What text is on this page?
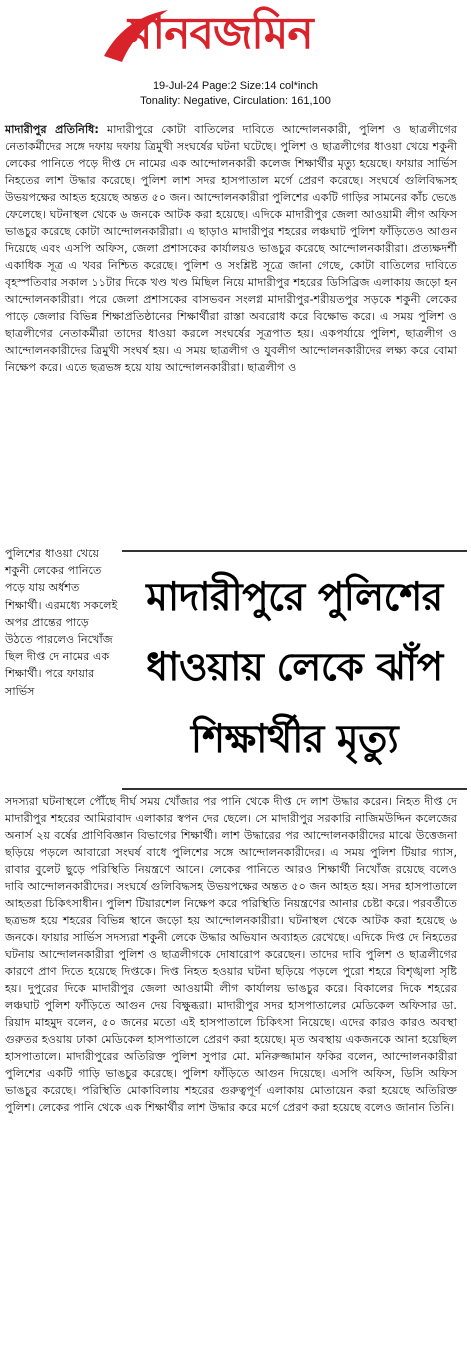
মানবজমিন
19-Jul-24 Page:2 Size:14 col*inch
Tonality: Negative, Circulation: 161,100
মাদারীপুর প্রতিনিধি: মাদারীপুরে কোটা বাতিলের দাবিতে আন্দোলনকারী, পুলিশ ও ছাত্রলীগের নেতাকর্মীদের সঙ্গে দফায় দফায় ত্রিমুখী সংঘর্ষের ঘটনা ঘটেছে। পুলিশ ও ছাত্রলীগের ধাওয়া খেয়ে শকুনী লেকের পানিতে পড়ে দীপ্ত দে নামের এক আন্দোলনকারী কলেজ শিক্ষার্থীর মৃত্যু হয়েছে। ফায়ার সার্ভিস নিহতের লাশ উদ্ধার করেছে। পুলিশ লাশ সদর হাসপাতাল মর্গে প্রেরণ করেছে। সংঘর্ষে গুলিবিদ্ধসহ উভয়পক্ষের আহত হয়েছে অন্তত ৫০ জন। আন্দোলনকারীরা পুলিশের একটি গাড়ির সামনের কাঁচ ভেঙে ফেলেছে। ঘটনাস্থল থেকে ৬ জনকে আটক করা হয়েছে। এদিকে মাদারীপুর জেলা আওয়ামী লীগ অফিস ভাঙচুর করেছে কোটা আন্দোলনকারীরা। এ ছাড়াও মাদারীপুর শহরের লঞ্চঘাট পুলিশ ফাঁড়িতেও আগুন দিয়েছে এবং এসপি অফিস, জেলা প্রশাসকের কার্যালয়ও ভাঙচুর করেছে আন্দোলনকারীরা। প্রত্যক্ষদর্শী একাধিক সূত্র এ খবর নিশ্চিত করেছে। পুলিশ ও সংশ্লিষ্ট সূত্রে জানা গেছে, কোটা বাতিলের দাবিতে বৃহস্পতিবার সকাল ১১টার দিকে খণ্ড খণ্ড মিছিল নিয়ে মাদারীপুর শহরের ডিসিব্রিজ এলাকায় জড়ো হন আন্দোলনকারীরা। পরে জেলা প্রশাসকের বাসভবন সংলগ্ন মাদারীপুর-শরীয়তপুর সড়কে শকুনী লেকের পাড়ে জেলার বিভিন্ন শিক্ষাপ্রতিষ্ঠানের শিক্ষার্থীরা রাস্তা অবরোধ করে বিক্ষোভ করে। এ সময় পুলিশ ও ছাত্রলীগের নেতাকর্মীরা তাদের ধাওয়া করলে সংঘর্ষের সূত্রপাত হয়। একপর্যায়ে পুলিশ, ছাত্রলীগ ও আন্দোলনকারীদের ত্রিমুখী সংঘর্ষ হয়। এ সময় ছাত্রলীগ ও যুবলীগ আন্দোলনকারীদের লক্ষ্য করে বোমা নিক্ষেপ করে। এতে ছত্রভঙ্গ হয়ে যায় আন্দোলনকারীরা। ছাত্রলীগ ও
পুলিশের ধাওয়া খেয়ে শকুনী লেকের পানিতে পড়ে যায় অর্ধশত শিক্ষার্থী। এরমধ্যে সকলেই অপর প্রান্তের পাড়ে উঠতে পারলেও নিখোঁজ ছিল দীপ্ত দে নামের এক শিক্ষার্থী। পরে ফায়ার সার্ভিস
মাদারীপুরে পুলিশের
ধাওয়ায় লেকে ঝাঁপ
শিক্ষার্থীর মৃত্যু
সদস্যরা ঘটনাস্থলে পৌঁছে দীর্ঘ সময় খোঁজার পর পানি থেকে দীপ্ত দে লাশ উদ্ধার করেন। নিহত দীপ্ত দে মাদারীপুর শহরের আমিরাবাদ এলাকার স্বপন দের ছেলে। সে মাদারীপুর সরকারি নাজিমউদ্দিন কলেজের অনার্স ২য় বর্ষের প্রাণিবিজ্ঞান বিভাগের শিক্ষার্থী। লাশ উদ্ধারের পর আন্দোলনকারীদের মাঝে উত্তেজনা ছড়িয়ে পড়লে আবারো সংঘর্ষ বাধে পুলিশের সঙ্গে আন্দোলনকারীদের। এ সময় পুলিশ টিয়ার গ্যাস, রাবার বুলেট ছুড়ে পরিস্থিতি নিয়ন্ত্রণে আনে। লেকের পানিতে আরও শিক্ষার্থী নিখোঁজ রয়েছে বলেও দাবি আন্দোলনকারীদের। সংঘর্ষে গুলিবিদ্ধসহ উভয়পক্ষের অন্তত ৫০ জন আহত হয়। সদর হাসপাতালে আহতরা চিকিৎসাধীন। পুলিশ টিয়ারশেল নিক্ষেপ করে পরিস্থিতি নিয়ন্ত্রণের আনার চেষ্টা করে। পরবর্তীতে ছত্রভঙ্গ হয়ে শহরের বিভিন্ন স্থানে জড়ো হয় আন্দোলনকারীরা। ঘটনাস্থল থেকে আটক করা হয়েছে ৬ জনকে। ফায়ার সার্ভিস সদস্যরা শকুনী লেকে উদ্ধার অভিযান অব্যাহত রেখেছে। এদিকে দিপ্ত দে নিহতের ঘটনায় আন্দোলনকারীরা পুলিশ ও ছাত্রলীগকে দোষারোপ করেছেন। তাদের দাবি পুলিশ ও ছাত্রলীগের কারণে প্রাণ দিতে হয়েছে দিপ্তকে। দিপ্ত নিহত হওয়ার ঘটনা ছড়িয়ে পড়লে পুরো শহরে বিশৃঙ্খলা সৃষ্টি হয়। দুপুরের দিকে মাদারীপুর জেলা আওয়ামী লীগ কার্যালয় ভাঙচুর করে। বিকালের দিকে শহরের লঞ্চঘাট পুলিশ ফাঁড়িতে আগুন দেয় বিক্ষুব্ধরা। মাদারীপুর সদর হাসপাতালের মেডিকেল অফিসার ডা. রিয়াদ মাহমুদ বলেন, ৫০ জনের মতো এই হাসপাতালে চিকিৎসা নিয়েছে। এদের কারও কারও অবস্থা গুরুতর হওয়ায় ঢাকা মেডিকেল হাসপাতালে প্রেরণ করা হয়েছে। মৃত অবস্থায় একজনকে আনা হয়েছিল হাসপাতালে। মাদারীপুরের অতিরিক্ত পুলিশ সুপার মো. মনিরুজ্জামান ফকির বলেন, আন্দোলনকারীরা পুলিশের একটি গাড়ি ভাঙচুর করেছে। পুলিশ ফাঁড়িতে আগুন দিয়েছে। এসপি অফিস, ডিসি অফিস ভাঙচুর করেছে। পরিস্থিতি মোকাবিলায় শহরের গুরুত্বপূর্ণ এলাকায় মোতায়েন করা হয়েছে অতিরিক্ত পুলিশ। লেকের পানি থেকে এক শিক্ষার্থীর লাশ উদ্ধার করে মর্গে প্রেরণ করা হয়েছে বলেও জানান তিনি।
